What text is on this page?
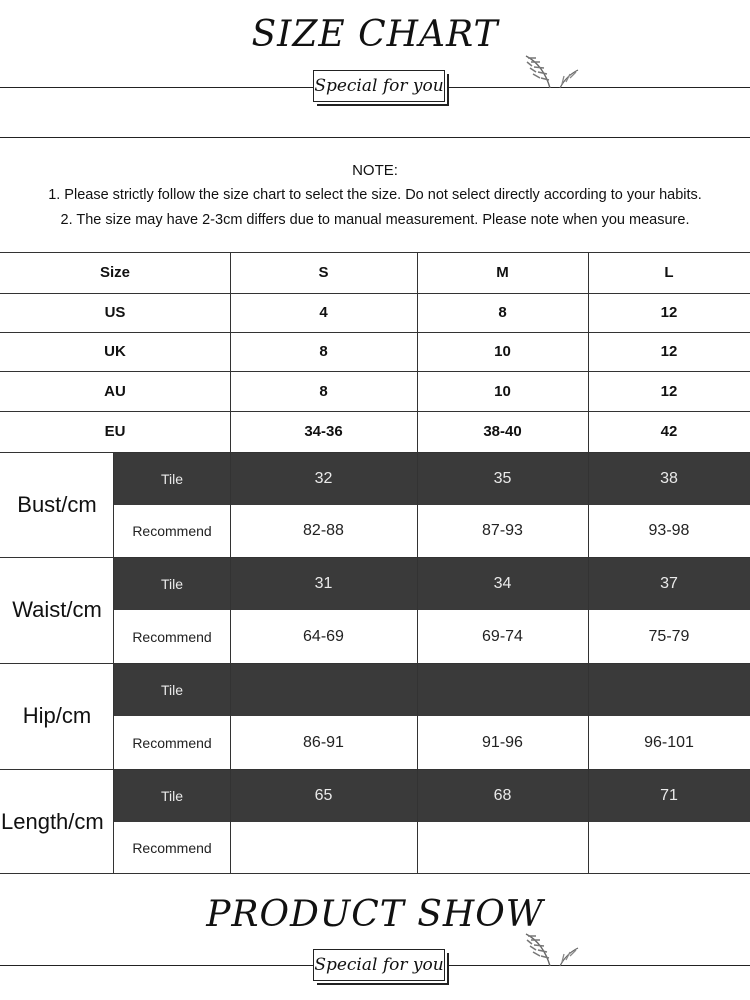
SIZE CHART
Special for you
NOTE:
1. Please strictly follow the size chart to select the size. Do not select directly according to your habits.
2. The size may have 2-3cm differs due to manual measurement. Please note when you measure.
Size	S	M	L
US	4	8	12
UK	8	10	12
AU	8	10	12
EU	34-36	38-40	42
Bust/cm
Tile	32	35	38
Recommend	82-88	87-93	93-98
Waist/cm
Tile	31	34	37
Recommend	64-69	69-74	75-79
Hip/cm
Tile
Recommend	86-91	91-96	96-101
Length/cm
Tile	65	68	71
Recommend
PRODUCT SHOW
Special for you
